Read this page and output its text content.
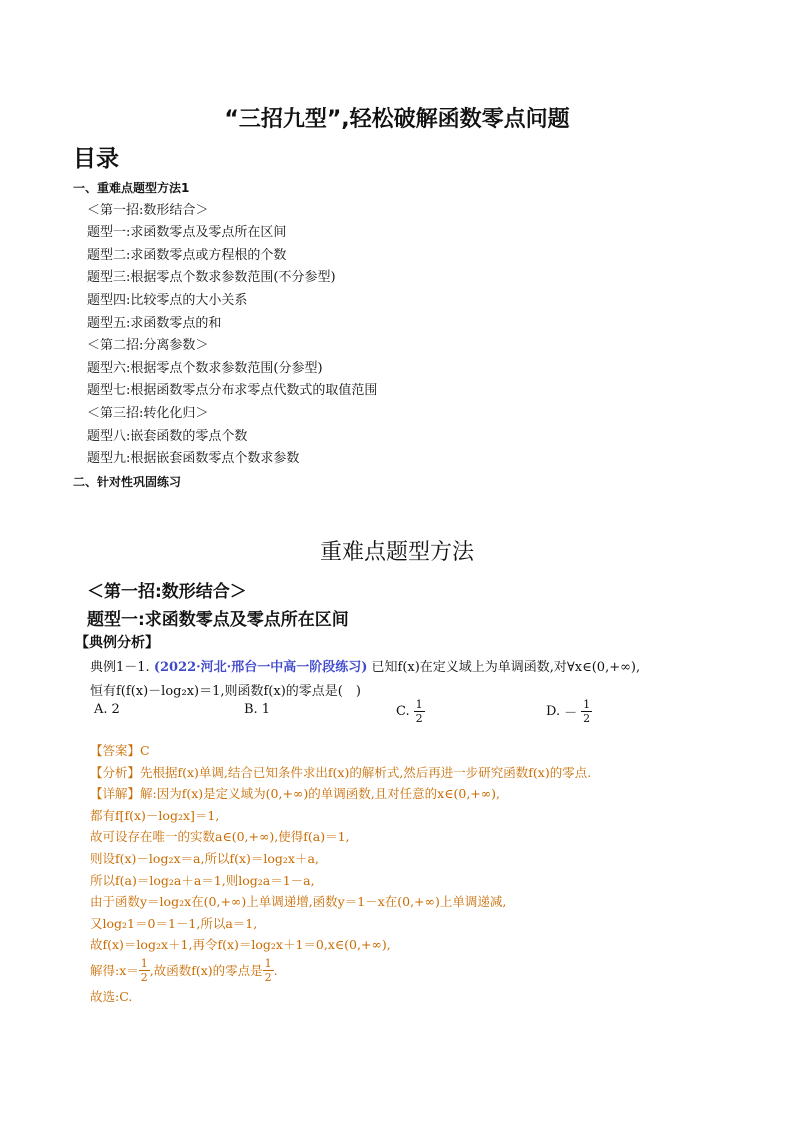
“三招九型”,轻松破解函数零点问题
目录
一、重难点题型方法1
＜第一招:数形结合＞
题型一:求函数零点及零点所在区间
题型二:求函数零点或方程根的个数
题型三:根据零点个数求参数范围(不分参型)
题型四:比较零点的大小关系
题型五:求函数零点的和
＜第二招:分离参数＞
题型六:根据零点个数求参数范围(分参型)
题型七:根据函数零点分布求零点代数式的取值范围
＜第三招:转化化归＞
题型八:嵌套函数的零点个数
题型九:根据嵌套函数零点个数求参数
二、针对性巩固练习
重难点题型方法
＜第一招:数形结合＞
题型一:求函数零点及零点所在区间
【典例分析】
典例1－1. (2022·河北·邢台一中高一阶段练习) 已知f(x)在定义域上为单调函数,对∀x∈(0,+∞),
恒有f(f(x)－log₂x)＝1,则函数f(x)的零点是(　)
A. 2	B. 1	C. $\frac{1}{2}$	D. － $\frac{1}{2}$
【答案】C
【分析】先根据f(x)单调,结合已知条件求出f(x)的解析式,然后再进一步研究函数f(x)的零点.
【详解】解:因为f(x)是定义域为(0,+∞)的单调函数,且对任意的x∈(0,+∞),
都有f[f(x)－log₂x]＝1,
故可设存在唯一的实数a∈(0,+∞),使得f(a)＝1,
则设f(x)－log₂x＝a,所以f(x)＝log₂x＋a,
所以f(a)＝log₂a＋a＝1,则log₂a＝1－a,
由于函数y＝log₂x在(0,+∞)上单调递增,函数y＝1－x在(0,+∞)上单调递减,
又log₂1＝0＝1－1,所以a＝1,
故f(x)＝log₂x＋1,再令f(x)＝log₂x＋1＝0,x∈(0,+∞),
解得:x＝ $\frac{1}{2}$ ,故函数f(x)的零点是 $\frac{1}{2}$ .
故选:C.
